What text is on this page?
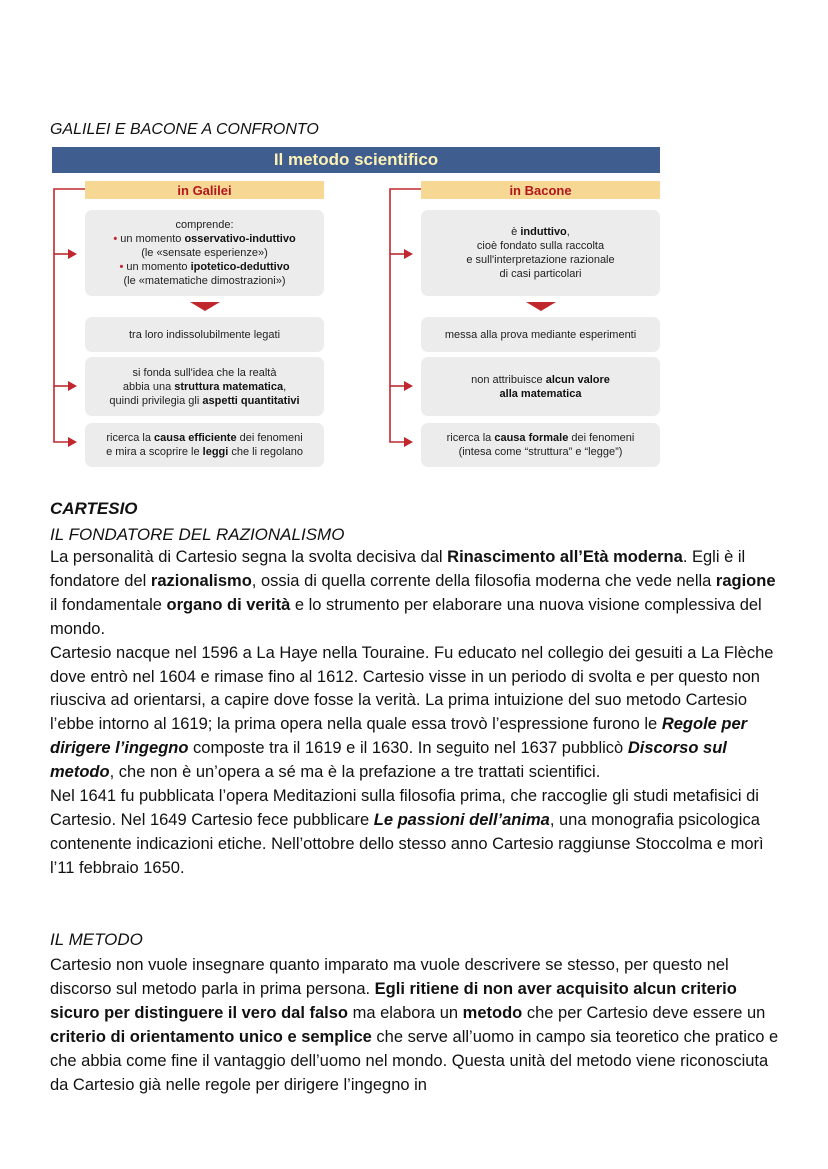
GALILEI E BACONE A CONFRONTO
Il metodo scientifico
in Galilei	in Bacone
comprende:
• un momento osservativo-induttivo
(le «sensate esperienze»)
• un momento ipotetico-deduttivo
(le «matematiche dimostrazioni»)
tra loro indissolubilmente legati
si fonda sull'idea che la realtà
abbia una struttura matematica,
quindi privilegia gli aspetti quantitativi
ricerca la causa efficiente dei fenomeni
e mira a scoprire le leggi che li regolano
è induttivo,
cioè fondato sulla raccolta
e sull'interpretazione razionale
di casi particolari
messa alla prova mediante esperimenti
non attribuisce alcun valore
alla matematica
ricerca la causa formale dei fenomeni
(intesa come “struttura” e “legge”)
CARTESIO
IL FONDATORE DEL RAZIONALISMO
La personalità di Cartesio segna la svolta decisiva dal Rinascimento all’Età moderna. Egli è il fondatore del razionalismo, ossia di quella corrente della filosofia moderna che vede nella ragione il fondamentale organo di verità e lo strumento per elaborare una nuova visione complessiva del mondo.
Cartesio nacque nel 1596 a La Haye nella Touraine. Fu educato nel collegio dei gesuiti a La Flèche dove entrò nel 1604 e rimase fino al 1612. Cartesio visse in un periodo di svolta e per questo non riusciva ad orientarsi, a capire dove fosse la verità. La prima intuizione del suo metodo Cartesio l’ebbe intorno al 1619; la prima opera nella quale essa trovò l’espressione furono le Regole per dirigere l’ingegno composte tra il 1619 e il 1630. In seguito nel 1637 pubblicò Discorso sul metodo, che non è un’opera a sé ma è la prefazione a tre trattati scientifici.
Nel 1641 fu pubblicata l’opera Meditazioni sulla filosofia prima, che raccoglie gli studi metafisici di Cartesio. Nel 1649 Cartesio fece pubblicare Le passioni dell’anima, una monografia psicologica contenente indicazioni etiche. Nell’ottobre dello stesso anno Cartesio raggiunse Stoccolma e morì l’11 febbraio 1650.
IL METODO
Cartesio non vuole insegnare quanto imparato ma vuole descrivere se stesso, per questo nel discorso sul metodo parla in prima persona. Egli ritiene di non aver acquisito alcun criterio sicuro per distinguere il vero dal falso ma elabora un metodo che per Cartesio deve essere un criterio di orientamento unico e semplice che serve all’uomo in campo sia teoretico che pratico e che abbia come fine il vantaggio dell’uomo nel mondo. Questa unità del metodo viene riconosciuta da Cartesio già nelle regole per dirigere l’ingegno in
